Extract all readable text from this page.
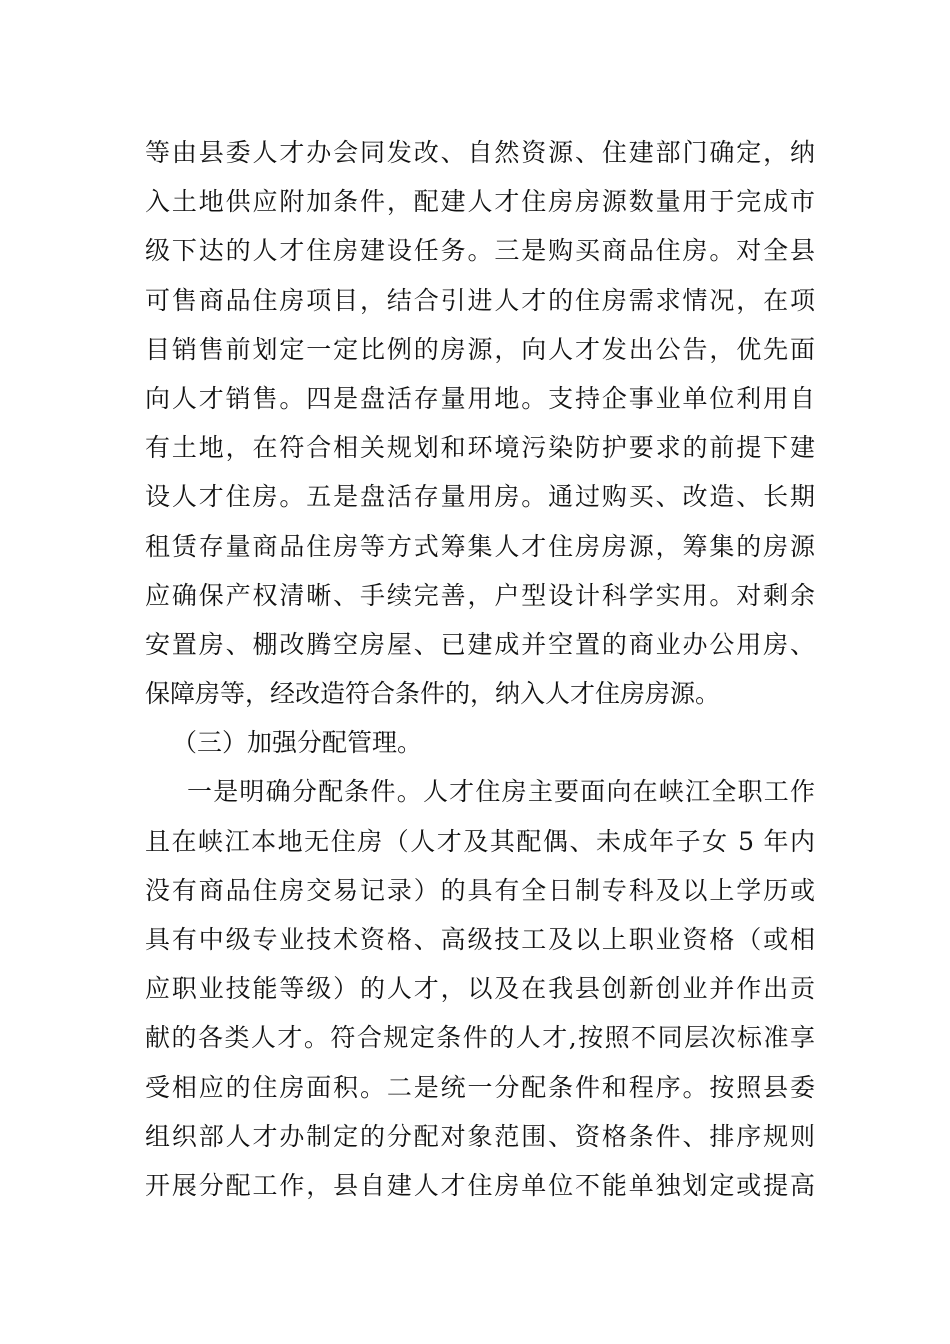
等由县委人才办会同发改、自然资源、住建部门确定，纳
入土地供应附加条件，配建人才住房房源数量用于完成市
级下达的人才住房建设任务。三是购买商品住房。对全县
可售商品住房项目，结合引进人才的住房需求情况，在项
目销售前划定一定比例的房源，向人才发出公告，优先面
向人才销售。四是盘活存量用地。支持企事业单位利用自
有土地，在符合相关规划和环境污染防护要求的前提下建
设人才住房。五是盘活存量用房。通过购买、改造、长期
租赁存量商品住房等方式筹集人才住房房源，筹集的房源
应确保产权清晰、手续完善，户型设计科学实用。对剩余
安置房、棚改腾空房屋、已建成并空置的商业办公用房、
保障房等，经改造符合条件的，纳入人才住房房源。
（三）加强分配管理。
一是明确分配条件。人才住房主要面向在峡江全职工作
且在峡江本地无住房（人才及其配偶、未成年子女 5 年内
没有商品住房交易记录）的具有全日制专科及以上学历或
具有中级专业技术资格、高级技工及以上职业资格（或相
应职业技能等级）的人才，以及在我县创新创业并作出贡
献的各类人才。符合规定条件的人才,按照不同层次标准享
受相应的住房面积。二是统一分配条件和程序。按照县委
组织部人才办制定的分配对象范围、资格条件、排序规则
开展分配工作，县自建人才住房单位不能单独划定或提高
